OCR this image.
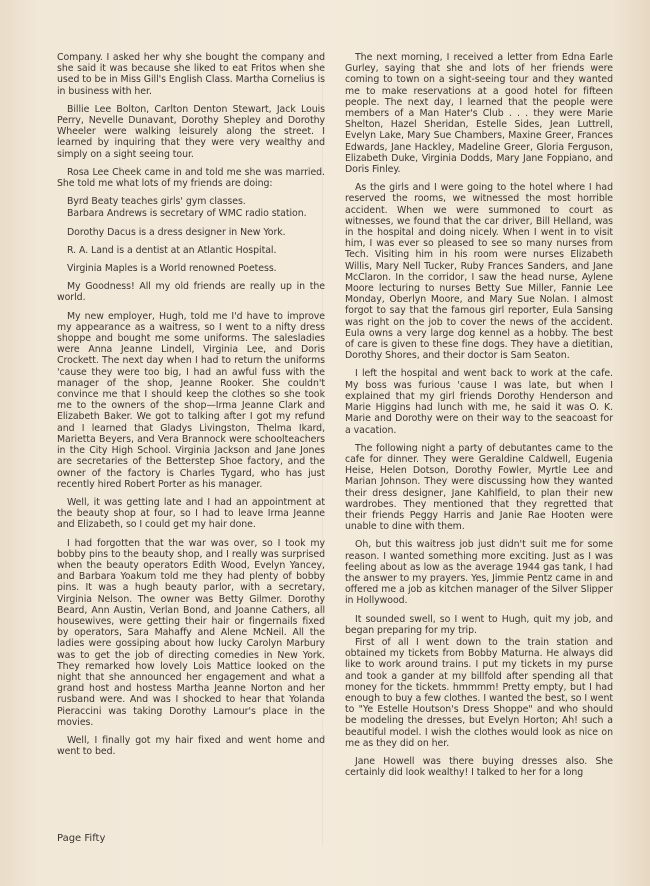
Company. I asked her why she bought the company and she said it was because she liked to eat Fritos when she used to be in Miss Gill's English Class. Martha Cornelius is in business with her.

Billie Lee Bolton, Carlton Denton Stewart, Jack Louis Perry, Nevelle Dunavant, Dorothy Shepley and Dorothy Wheeler were walking leisurely along the street. I learned by inquiring that they were very wealthy and simply on a sight seeing tour.

Rosa Lee Cheek came in and told me she was married. She told me what lots of my friends are doing:

Byrd Beaty teaches girls' gym classes.

Barbara Andrews is secretary of WMC radio station.

Dorothy Dacus is a dress designer in New York.

R. A. Land is a dentist at an Atlantic Hospital.

Virginia Maples is a World renowned Poetess.

My Goodness! All my old friends are really up in the world.

My new employer, Hugh, told me I'd have to improve my appearance as a waitress, so I went to a nifty dress shoppe and bought me some uniforms. The salesladies were Anna Jeanne Lindell, Virginia Lee, and Doris Crockett. The next day when I had to return the uniforms 'cause they were too big, I had an awful fuss with the manager of the shop, Jeanne Rooker. She couldn't convince me that I should keep the clothes so she took me to the owners of the shop—Irma Jeanne Clark and Elizabeth Baker. We got to talking after I got my refund and I learned that Gladys Livingston, Thelma Ikard, Marietta Beyers, and Vera Brannock were schoolteachers in the City High School. Virginia Jackson and Jane Jones are secretaries of the Betterstep Shoe factory, and the owner of the factory is Charles Tygard, who has just recently hired Robert Porter as his manager.

Well, it was getting late and I had an appointment at the beauty shop at four, so I had to leave Irma Jeanne and Elizabeth, so I could get my hair done.

I had forgotten that the war was over, so I took my bobby pins to the beauty shop, and I really was surprised when the beauty operators Edith Wood, Evelyn Yancey, and Barbara Yoakum told me they had plenty of bobby pins. It was a hugh beauty parlor, with a secretary, Virginia Nelson. The owner was Betty Gilmer. Dorothy Beard, Ann Austin, Verlan Bond, and Joanne Cathers, all housewives, were getting their hair or fingernails fixed by operators, Sara Mahaffy and Alene McNeil. All the ladies were gossiping about how lucky Carolyn Marbury was to get the job of directing comedies in New York. They remarked how lovely Lois Mattice looked on the night that she announced her engagement and what a grand host and hostess Martha Jeanne Norton and her rusband were. And was I shocked to hear that Yolanda Pieraccini was taking Dorothy Lamour's place in the movies.

Well, I finally got my hair fixed and went home and went to bed.

The next morning, I received a letter from Edna Earle Gurley, saying that she and lots of her friends were coming to town on a sight-seeing tour and they wanted me to make reservations at a good hotel for fifteen people. The next day, I learned that the people were members of a Man Hater's Club . . . they were Marie Shelton, Hazel Sheridan, Estelle Sides, Jean Luttrell, Evelyn Lake, Mary Sue Chambers, Maxine Greer, Frances Edwards, Jane Hackley, Madeline Greer, Gloria Ferguson, Elizabeth Duke, Virginia Dodds, Mary Jane Foppiano, and Doris Finley.

As the girls and I were going to the hotel where I had reserved the rooms, we witnessed the most horrible accident. When we were summoned to court as witnesses, we found that the car driver, Bill Helland, was in the hospital and doing nicely. When I went in to visit him, I was ever so pleased to see so many nurses from Tech. Visiting him in his room were nurses Elizabeth Willis, Mary Nell Tucker, Ruby Frances Sanders, and Jane McClaron. In the corridor, I saw the head nurse, Aylene Moore lecturing to nurses Betty Sue Miller, Fannie Lee Monday, Oberlyn Moore, and Mary Sue Nolan. I almost forgot to say that the famous girl reporter, Eula Sansing was right on the job to cover the news of the accident. Eula owns a very large dog kennel as a hobby. The best of care is given to these fine dogs. They have a dietitian, Dorothy Shores, and their doctor is Sam Seaton.

I left the hospital and went back to work at the cafe. My boss was furious 'cause I was late, but when I explained that my girl friends Dorothy Henderson and Marie Higgins had lunch with me, he said it was O. K. Marie and Dorothy were on their way to the seacoast for a vacation.

The following night a party of debutantes came to the cafe for dinner. They were Geraldine Caldwell, Eugenia Heise, Helen Dotson, Dorothy Fowler, Myrtle Lee and Marian Johnson. They were discussing how they wanted their dress designer, Jane Kahlfield, to plan their new wardrobes. They mentioned that they regretted that their friends Peggy Harris and Janie Rae Hooten were unable to dine with them.

Oh, but this waitress job just didn't suit me for some reason. I wanted something more exciting. Just as I was feeling about as low as the average 1944 gas tank, I had the answer to my prayers. Yes, Jimmie Pentz came in and offered me a job as kitchen manager of the Silver Slipper in Hollywood.

It sounded swell, so I went to Hugh, quit my job, and began preparing for my trip.

First of all I went down to the train station and obtained my tickets from Bobby Maturna. He always did like to work around trains. I put my tickets in my purse and took a gander at my billfold after spending all that money for the tickets. hmmmm! Pretty empty, but I had enough to buy a few clothes. I wanted the best, so I went to "Ye Estelle Houtson's Dress Shoppe" and who should be modeling the dresses, but Evelyn Horton; Ah! such a beautiful model. I wish the clothes would look as nice on me as they did on her.

Jane Howell was there buying dresses also. She certainly did look wealthy! I talked to her for a long

Page Fifty
